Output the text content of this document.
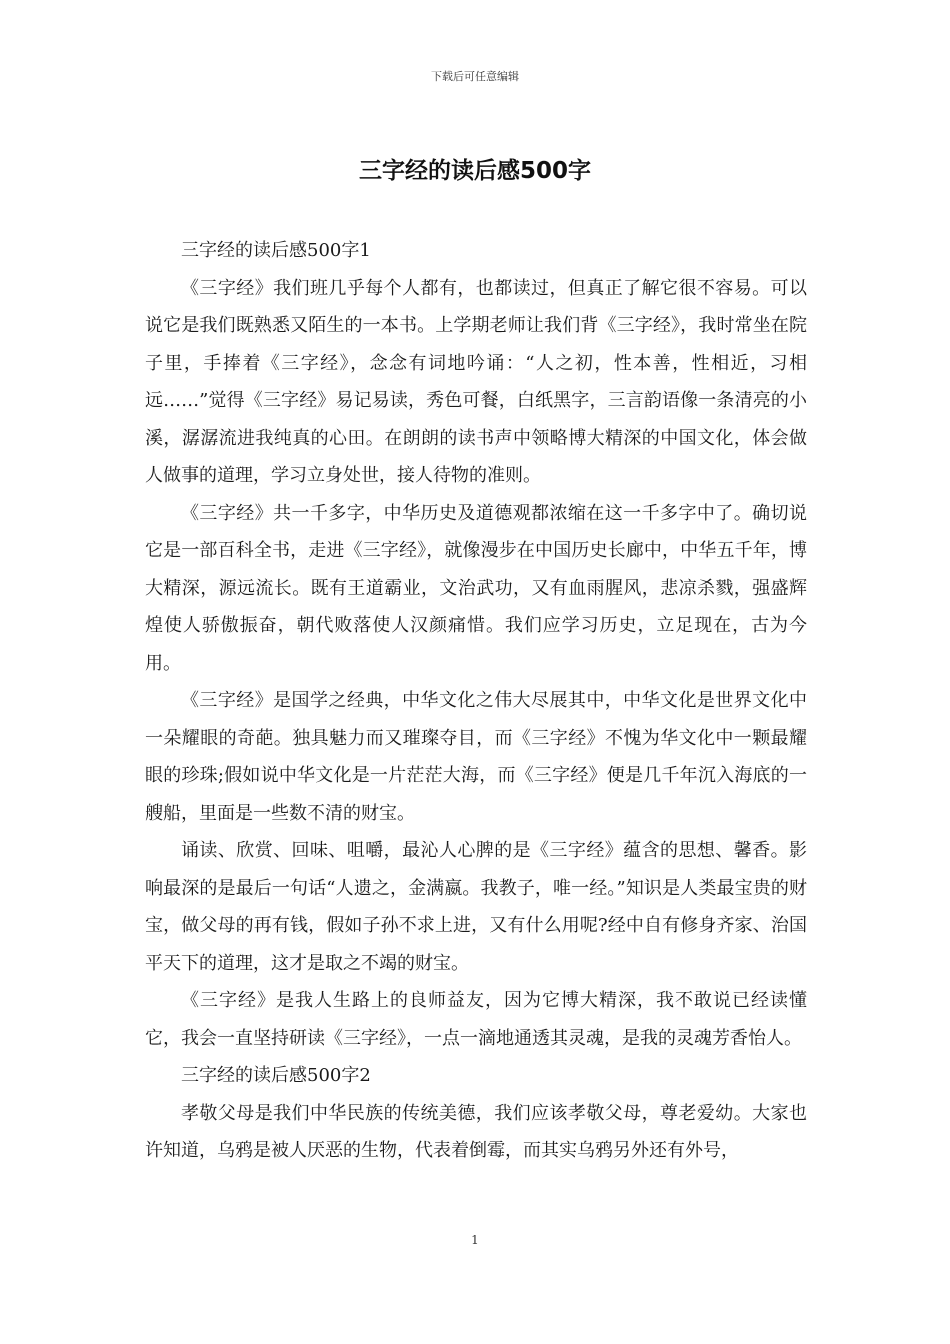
下载后可任意编辑
三字经的读后感500字

三字经的读后感500字1

《三字经》我们班几乎每个人都有，也都读过，但真正了解它很不容易。可以说它是我们既熟悉又陌生的一本书。上学期老师让我们背《三字经》，我时常坐在院子里，手捧着《三字经》，念念有词地吟诵：“人之初，性本善，性相近，习相远……”觉得《三字经》易记易读，秀色可餐，白纸黑字，三言韵语像一条清亮的小溪，潺潺流进我纯真的心田。在朗朗的读书声中领略博大精深的中国文化，体会做人做事的道理，学习立身处世，接人待物的准则。

《三字经》共一千多字，中华历史及道德观都浓缩在这一千多字中了。确切说它是一部百科全书，走进《三字经》，就像漫步在中国历史长廊中，中华五千年，博大精深，源远流长。既有王道霸业，文治武功，又有血雨腥风，悲凉杀戮，强盛辉煌使人骄傲振奋，朝代败落使人汉颜痛惜。我们应学习历史，立足现在，古为今用。

《三字经》是国学之经典，中华文化之伟大尽展其中，中华文化是世界文化中一朵耀眼的奇葩。独具魅力而又璀璨夺目，而《三字经》不愧为华文化中一颗最耀眼的珍珠;假如说中华文化是一片茫茫大海，而《三字经》便是几千年沉入海底的一艘船，里面是一些数不清的财宝。

诵读、欣赏、回味、咀嚼，最沁人心脾的是《三字经》蕴含的思想、馨香。影响最深的是最后一句话“人遗之，金满嬴。我教子，唯一经。”知识是人类最宝贵的财宝，做父母的再有钱，假如子孙不求上进，又有什么用呢?经中自有修身齐家、治国平天下的道理，这才是取之不竭的财宝。

《三字经》是我人生路上的良师益友，因为它博大精深，我不敢说已经读懂它，我会一直坚持研读《三字经》，一点一滴地通透其灵魂，是我的灵魂芳香怡人。

三字经的读后感500字2

孝敬父母是我们中华民族的传统美德，我们应该孝敬父母，尊老爱幼。大家也许知道，乌鸦是被人厌恶的生物，代表着倒霉，而其实乌鸦另外还有外号，

1
